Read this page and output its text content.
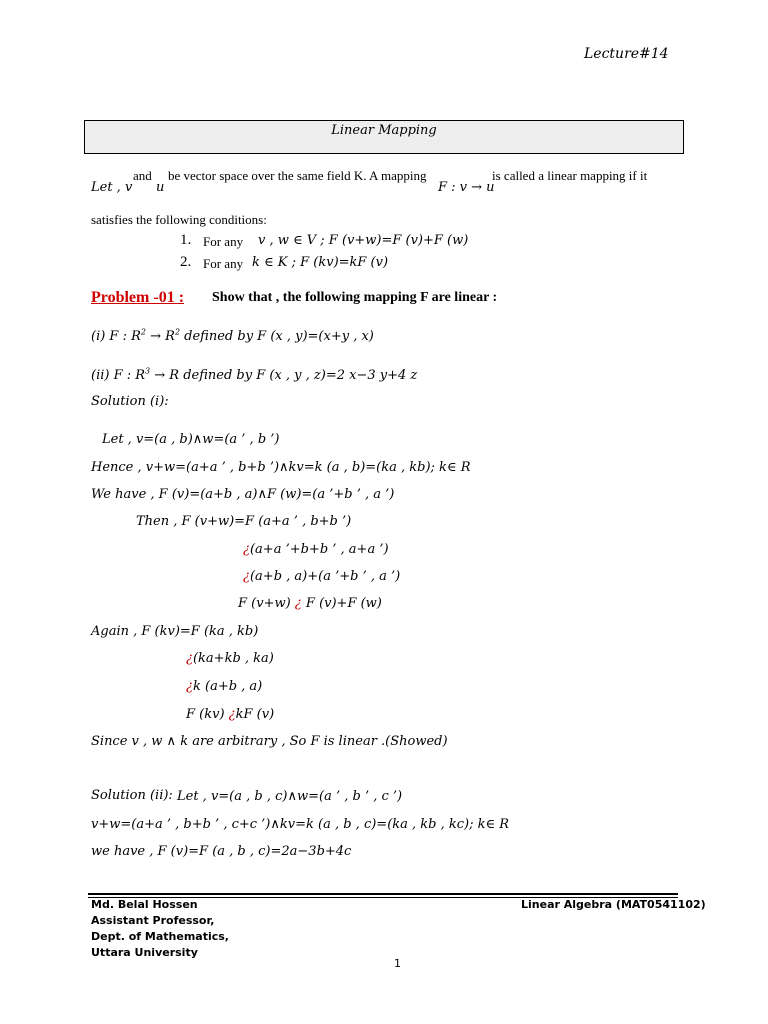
Lecture#14
Linear Mapping
Let , v
and
u
be vector space over the same field K. A mapping
F : v → u
is called a linear mapping if it
satisfies the following conditions:
1. For any v , w ∈ V ; F (v+w)=F (v)+F (w)
2. For any k ∈ K ; F (kv)=kF (v)
Problem -01 : Show that , the following mapping F are linear :
(i) F : $R^2 \to R^2$ defined by F (x , y)=(x+y , x)
(ii) F : $R^3 \to R$ defined by F (x , y , z)=2 x−3 y+4 z
Solution (i):
Let , v=(a , b)∧w=(a ’ , b ’)
Hence , v+w=(a+a ’ , b+b ’)∧kv=k (a , b)=(ka , kb); k∈ R
We have , F (v)=(a+b , a)∧F (w)=(a ’+b ’ , a ’)
Then , F (v+w)=F (a+a ’ , b+b ’)
¿(a+a ’+b+b ’ , a+a ’)
¿(a+b , a)+(a ’+b ’ , a ’)
F (v+w) ¿ F (v)+F (w)
Again , F (kv)=F (ka , kb)
¿(ka+kb , ka)
¿k (a+b , a)
F (kv) ¿kF (v)
Since v , w ∧ k are arbitrary , So F is linear .(Showed)
Solution (ii): Let , v=(a , b , c)∧w=(a ’ , b ’ , c ’)
v+w=(a+a ’ , b+b ’ , c+c ’)∧kv=k (a , b , c)=(ka , kb , kc); k∈ R
we have , F (v)=F (a , b , c)=2a−3b+4c
Md. Belal Hossen
Assistant Professor,
Dept. of Mathematics,
Uttara University
Linear Algebra (MAT0541102)
1
